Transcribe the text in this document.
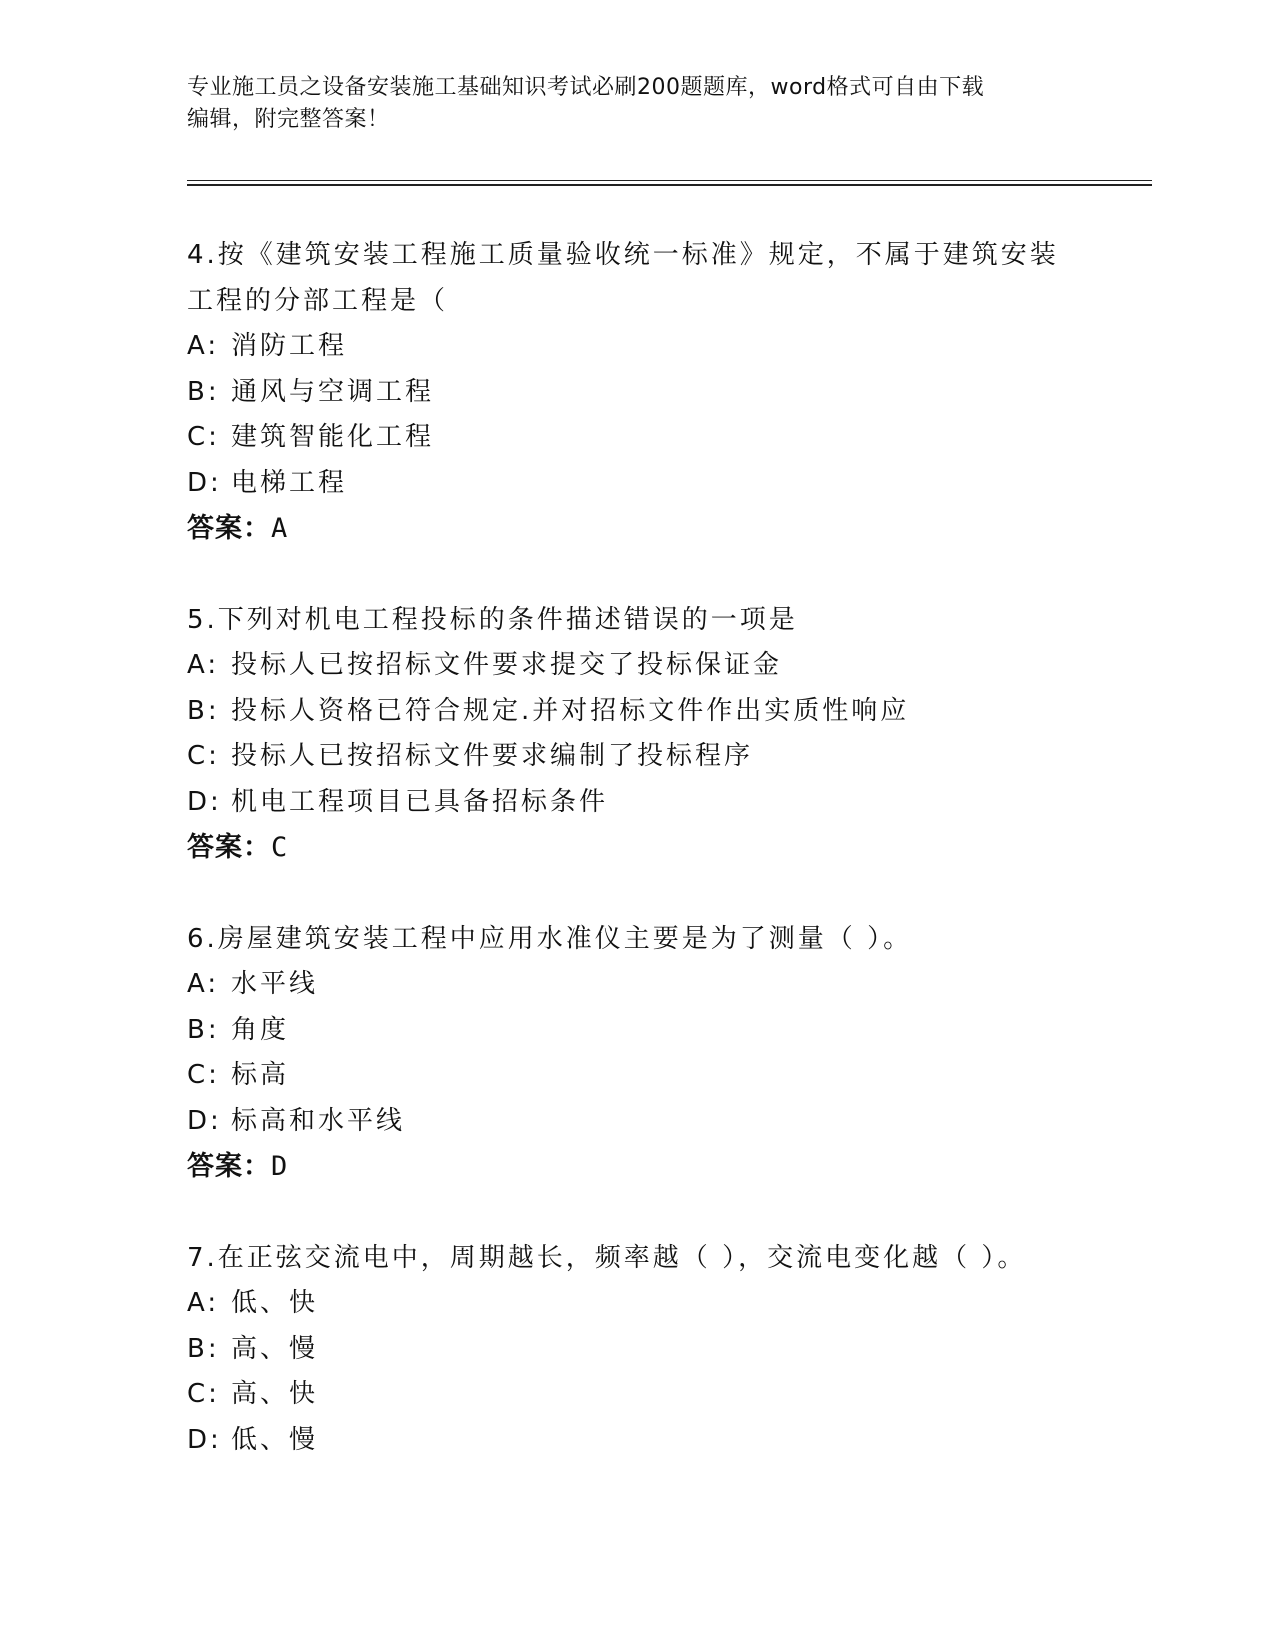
专业施工员之设备安装施工基础知识考试必刷200题题库，word格式可自由下载
编辑，附完整答案！
4.按《建筑安装工程施工质量验收统一标准》规定，不属于建筑安装
工程的分部工程是（
A: 消防工程
B: 通风与空调工程
C: 建筑智能化工程
D: 电梯工程
答案：A
5.下列对机电工程投标的条件描述错误的一项是
A: 投标人已按招标文件要求提交了投标保证金
B: 投标人资格已符合规定.并对招标文件作出实质性响应
C: 投标人已按招标文件要求编制了投标程序
D: 机电工程项目已具备招标条件
答案：C
6.房屋建筑安装工程中应用水准仪主要是为了测量（ ）。
A: 水平线
B: 角度
C: 标高
D: 标高和水平线
答案：D
7.在正弦交流电中，周期越长，频率越（ ），交流电变化越（ ）。
A: 低、快
B: 高、慢
C: 高、快
D: 低、慢
